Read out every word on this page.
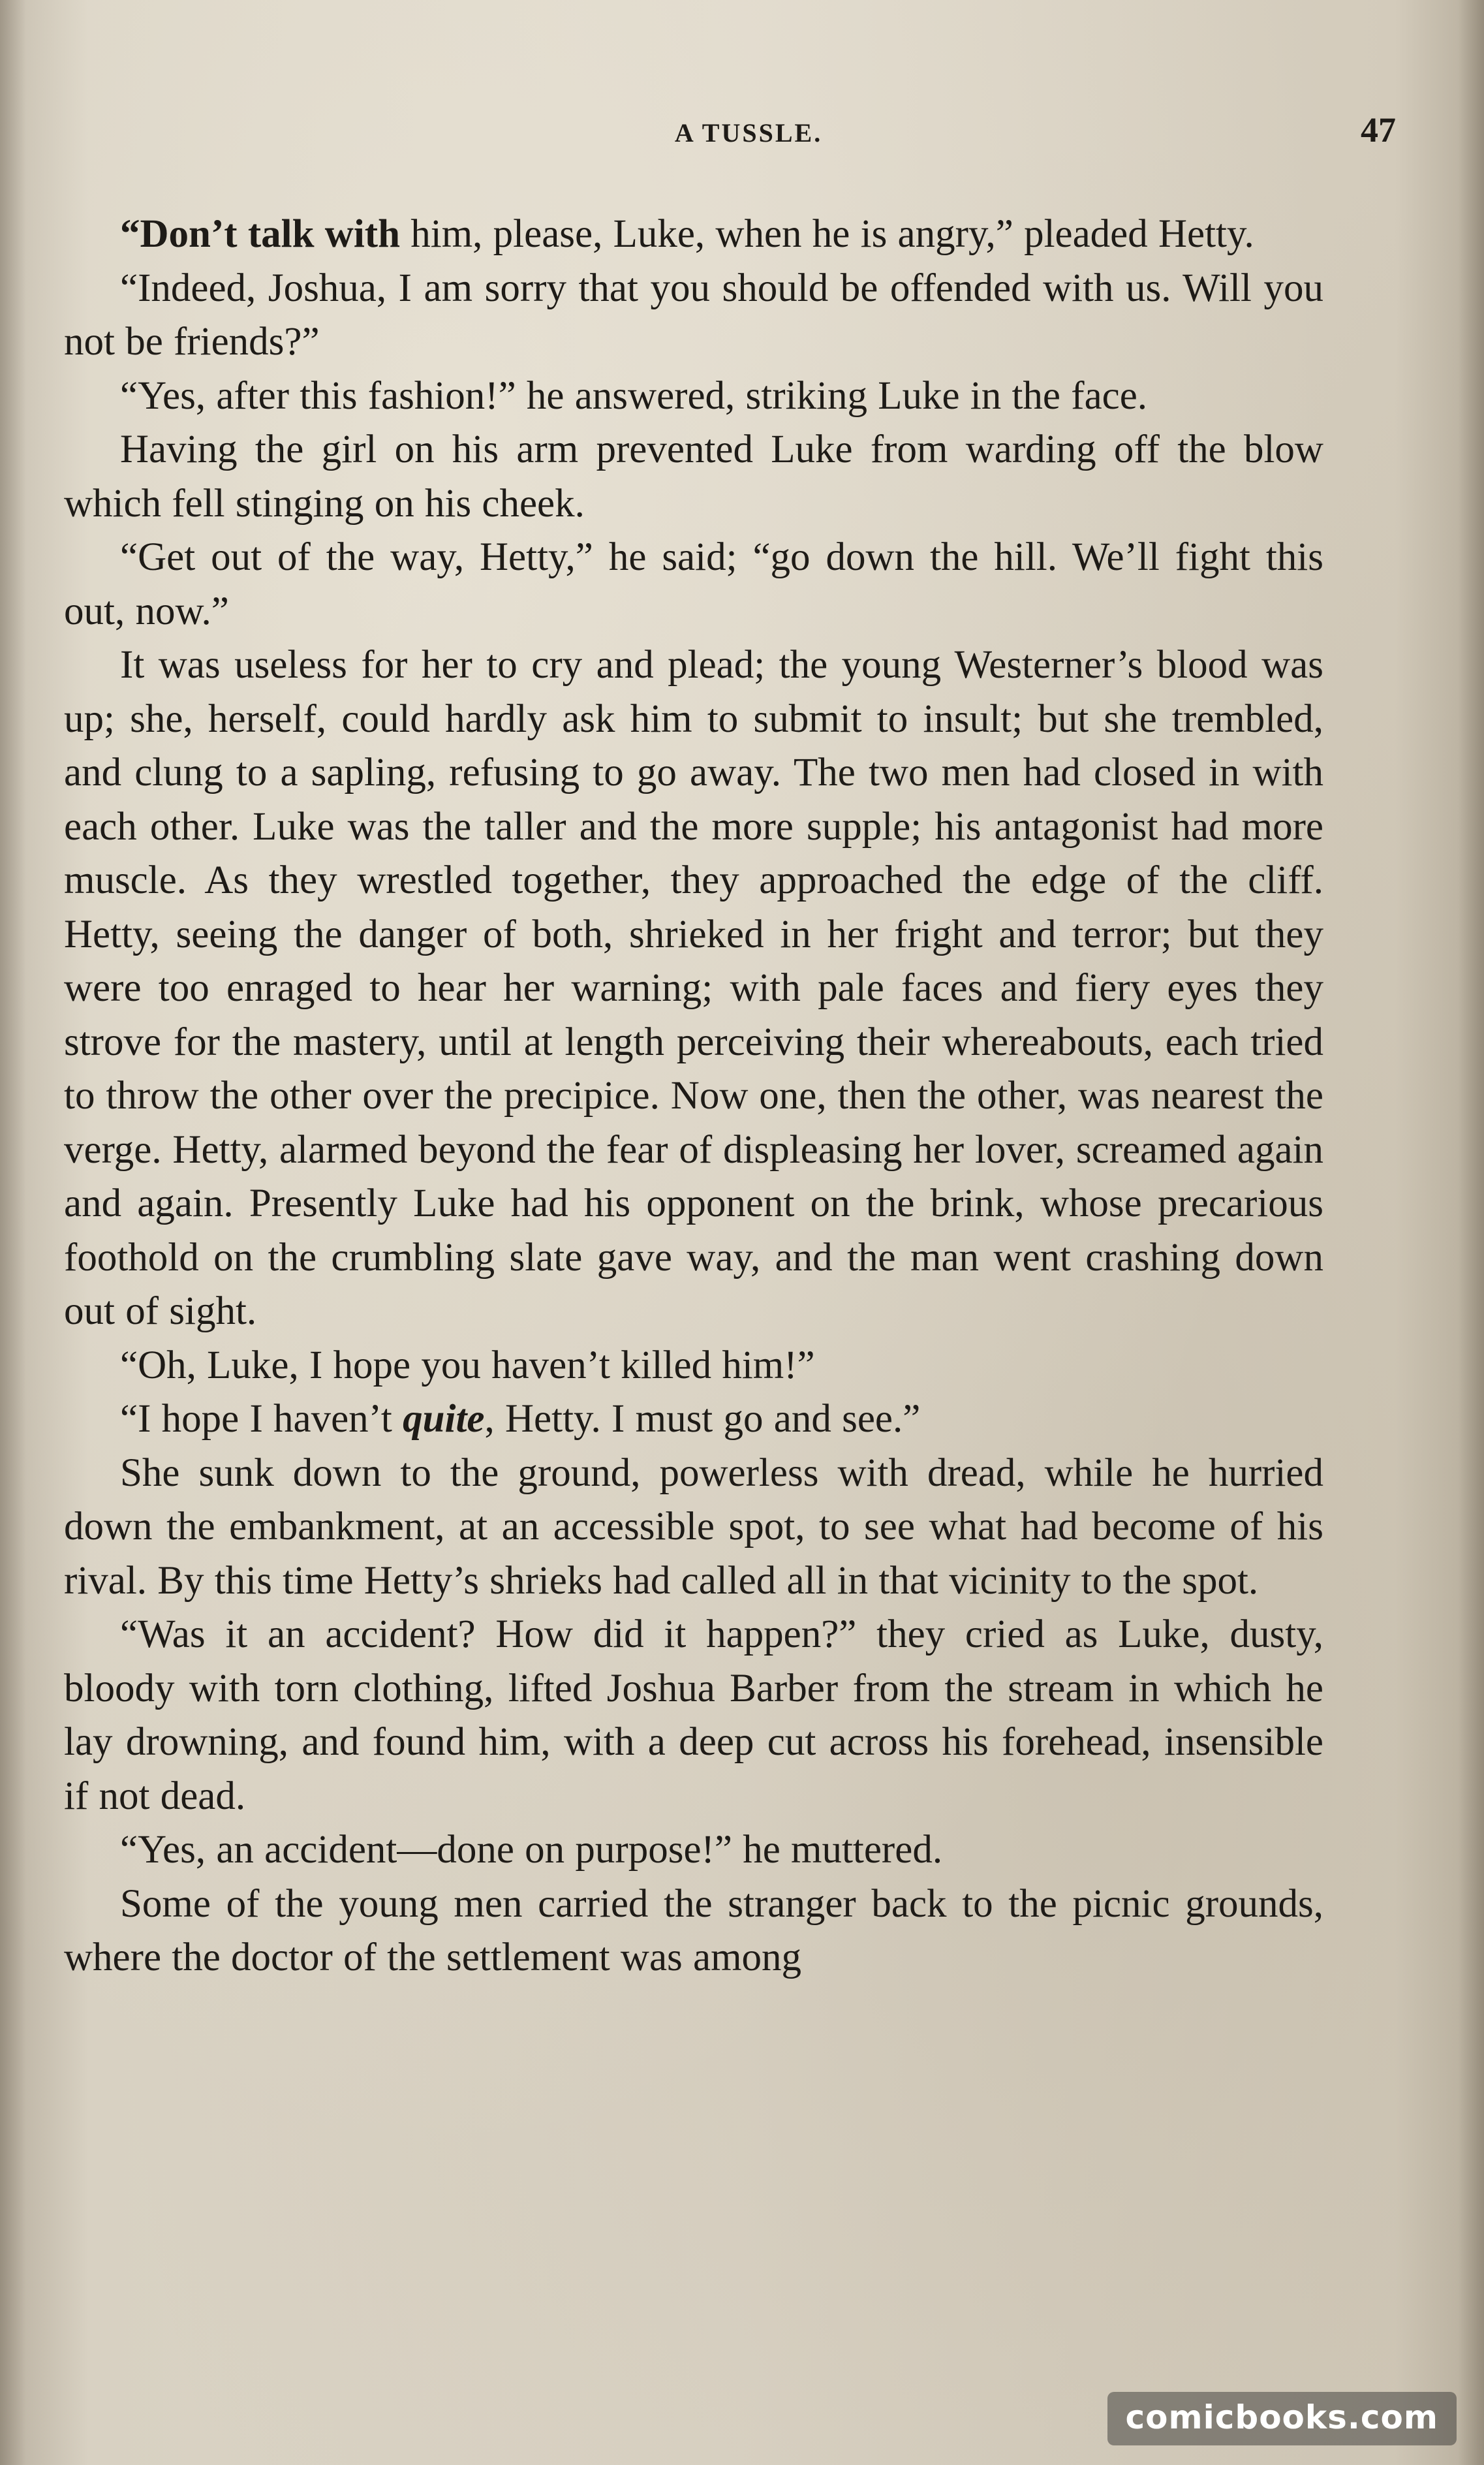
A TUSSLE.	47

“Don’t talk with him, please, Luke, when he is angry,” pleaded Hetty.

“Indeed, Joshua, I am sorry that you should be offended with us. Will you not be friends?”

“Yes, after this fashion!” he answered, striking Luke in the face.

Having the girl on his arm prevented Luke from warding off the blow which fell stinging on his cheek.

“Get out of the way, Hetty,” he said; “go down the hill. We’ll fight this out, now.”

It was useless for her to cry and plead; the young Westerner’s blood was up; she, herself, could hardly ask him to submit to insult; but she trembled, and clung to a sapling, refusing to go away. The two men had closed in with each other. Luke was the taller and the more supple; his antagonist had more muscle. As they wrestled together, they approached the edge of the cliff. Hetty, seeing the danger of both, shrieked in her fright and terror; but they were too enraged to hear her warning; with pale faces and fiery eyes they strove for the mastery, until at length perceiving their whereabouts, each tried to throw the other over the precipice. Now one, then the other, was nearest the verge. Hetty, alarmed beyond the fear of displeasing her lover, screamed again and again. Presently Luke had his opponent on the brink, whose precarious foothold on the crumbling slate gave way, and the man went crashing down out of sight.

“Oh, Luke, I hope you haven’t killed him!”

“I hope I haven’t quite, Hetty. I must go and see.”

She sunk down to the ground, powerless with dread, while he hurried down the embankment, at an accessible spot, to see what had become of his rival. By this time Hetty’s shrieks had called all in that vicinity to the spot.

“Was it an accident? How did it happen?” they cried as Luke, dusty, bloody with torn clothing, lifted Joshua Barber from the stream in which he lay drowning, and found him, with a deep cut across his forehead, insensible if not dead.

“Yes, an accident—done on purpose!” he muttered.

Some of the young men carried the stranger back to the picnic grounds, where the doctor of the settlement was among

comicbooks.com
